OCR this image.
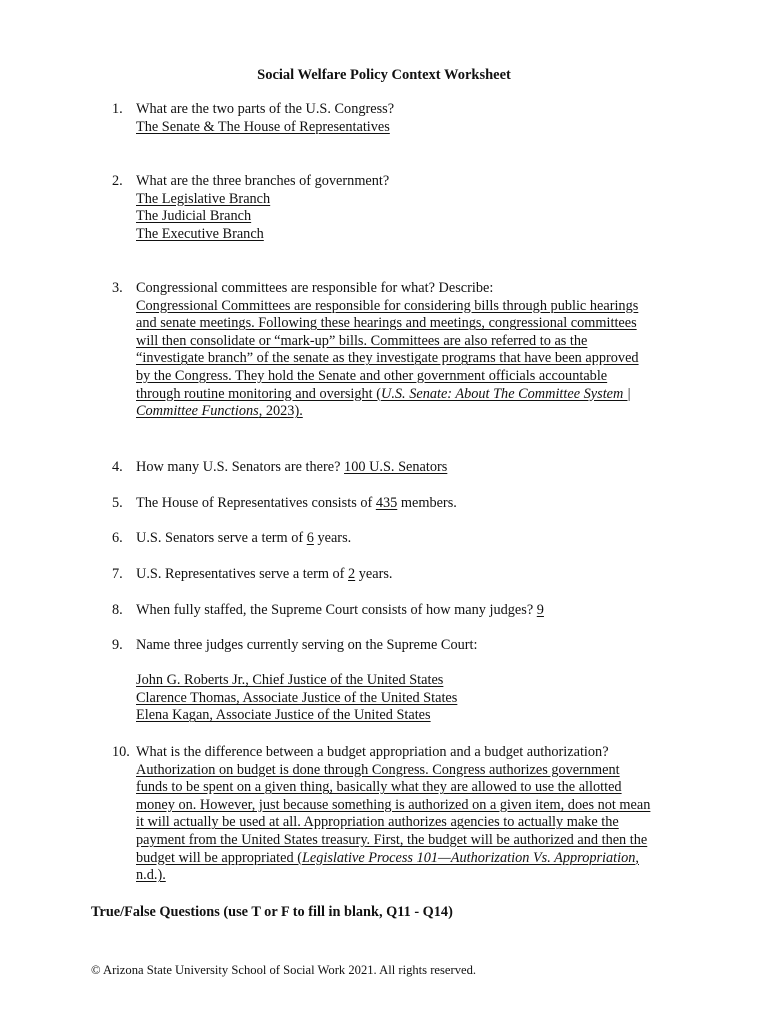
Social Welfare Policy Context Worksheet
1. What are the two parts of the U.S. Congress?
The Senate & The House of Representatives
2. What are the three branches of government?
The Legislative Branch
The Judicial Branch
The Executive Branch
3. Congressional committees are responsible for what? Describe:
Congressional Committees are responsible for considering bills through public hearings
and senate meetings. Following these hearings and meetings, congressional committees
will then consolidate or “mark-up” bills. Committees are also referred to as the
“investigate branch” of the senate as they investigate programs that have been approved
by the Congress. They hold the Senate and other government officials accountable
through routine monitoring and oversight (U.S. Senate: About The Committee System |
Committee Functions, 2023).
4. How many U.S. Senators are there? 100 U.S. Senators
5. The House of Representatives consists of 435 members.
6. U.S. Senators serve a term of 6 years.
7. U.S. Representatives serve a term of 2 years.
8. When fully staffed, the Supreme Court consists of how many judges? 9
9. Name three judges currently serving on the Supreme Court:
John G. Roberts Jr., Chief Justice of the United States
Clarence Thomas, Associate Justice of the United States
Elena Kagan, Associate Justice of the United States
10. What is the difference between a budget appropriation and a budget authorization?
Authorization on budget is done through Congress. Congress authorizes government
funds to be spent on a given thing, basically what they are allowed to use the allotted
money on. However, just because something is authorized on a given item, does not mean
it will actually be used at all. Appropriation authorizes agencies to actually make the
payment from the United States treasury. First, the budget will be authorized and then the
budget will be appropriated (Legislative Process 101—Authorization Vs. Appropriation,
n.d.).
True/False Questions (use T or F to fill in blank, Q11 - Q14)
© Arizona State University School of Social Work 2021. All rights reserved.
